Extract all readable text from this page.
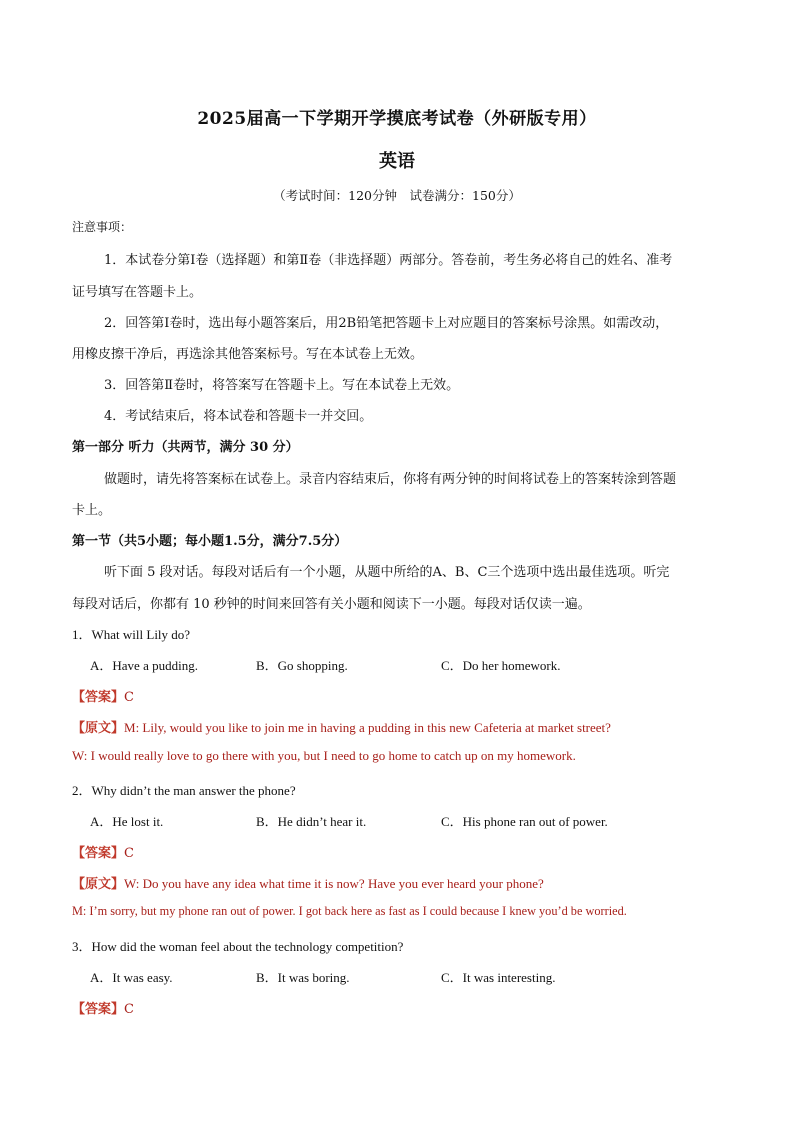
2025届高一下学期开学摸底考试卷（外研版专用）
英语
（考试时间：120分钟　试卷满分：150分）
注意事项：
1．本试卷分第Ⅰ卷（选择题）和第Ⅱ卷（非选择题）两部分。答卷前，考生务必将自己的姓名、准考
证号填写在答题卡上。
2．回答第Ⅰ卷时，选出每小题答案后，用2B铅笔把答题卡上对应题目的答案标号涂黑。如需改动，
用橡皮擦干净后，再选涂其他答案标号。写在本试卷上无效。
3．回答第Ⅱ卷时，将答案写在答题卡上。写在本试卷上无效。
4．考试结束后，将本试卷和答题卡一并交回。
第一部分 听力（共两节，满分 30 分）
做题时，请先将答案标在试卷上。录音内容结束后，你将有两分钟的时间将试卷上的答案转涂到答题
卡上。
第一节（共5小题；每小题1.5分，满分7.5分）
听下面 5 段对话。每段对话后有一个小题，从题中所给的A、B、C三个选项中选出最佳选项。听完
每段对话后，你都有 10 秒钟的时间来回答有关小题和阅读下一小题。每段对话仅读一遍。
1．What will Lily do?
A．Have a pudding.	B．Go shopping.	C．Do her homework.
【答案】C
【原文】M: Lily, would you like to join me in having a pudding in this new Cafeteria at market street?
W: I would really love to go there with you, but I need to go home to catch up on my homework.
2．Why didn’t the man answer the phone?
A．He lost it.	B．He didn’t hear it.	C．His phone ran out of power.
【答案】C
【原文】W: Do you have any idea what time it is now? Have you ever heard your phone?
M: I’m sorry, but my phone ran out of power. I got back here as fast as I could because I knew you’d be worried.
3．How did the woman feel about the technology competition?
A．It was easy.	B．It was boring.	C．It was interesting.
【答案】C
